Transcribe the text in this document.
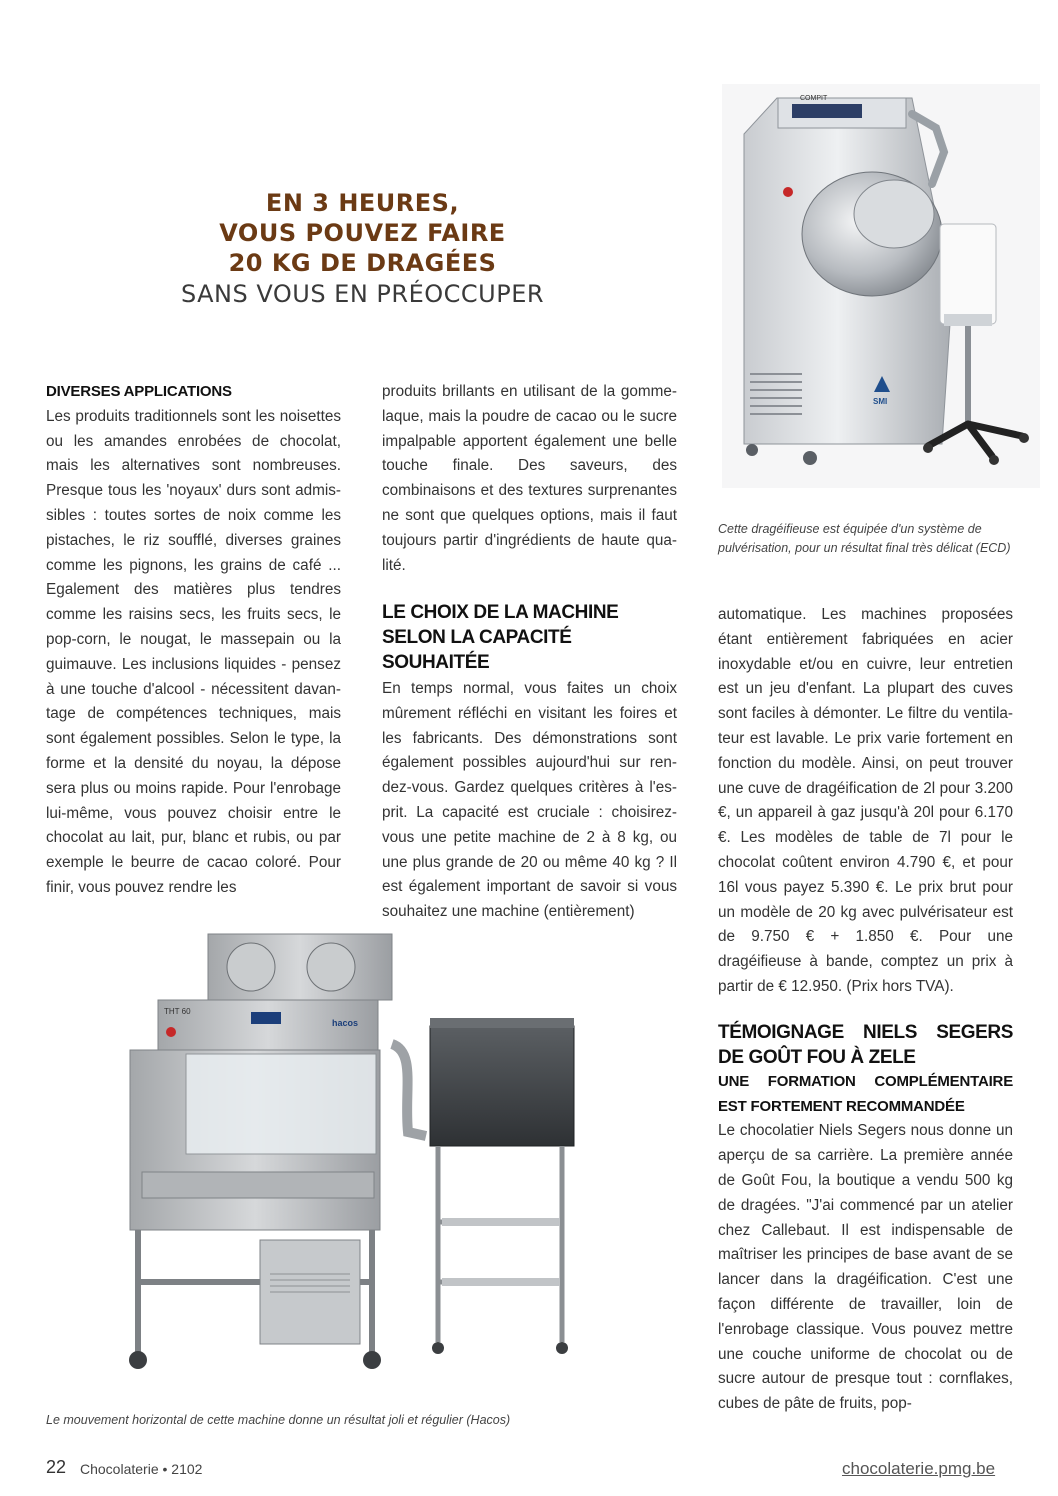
EN 3 HEURES,
VOUS POUVEZ FAIRE
20 KG DE DRAGÉES
SANS VOUS EN PRÉOCCUPER
COMPIT
SMI
Cette dragéifieuse est équipée d'un système de pulvérisation, pour un résultat final très délicat (ECD)
DIVERSES APPLICATIONS

Les produits traditionnels sont les noisettes ou les amandes enrobées de chocolat, mais les alternatives sont nombreuses. Presque tous les 'noyaux' durs sont admissibles : toutes sortes de noix comme les pistaches, le riz soufflé, diverses graines comme les pignons, les grains de café ... Egalement des matières plus tendres comme les raisins secs, les fruits secs, le pop-corn, le nougat, le massepain ou la guimauve. Les inclusions liquides - pensez à une touche d'alcool - nécessitent davantage de compétences techniques, mais sont également possibles. Selon le type, la forme et la densité du noyau, la dépose sera plus ou moins rapide. Pour l'enrobage lui-même, vous pouvez choisir entre le chocolat au lait, pur, blanc et rubis, ou par exemple le beurre de cacao coloré. Pour finir, vous pouvez rendre les

produits brillants en utilisant de la gomme-laque, mais la poudre de cacao ou le sucre impalpable apportent également une belle touche finale. Des saveurs, des combinaisons et des textures surprenantes ne sont que quelques options, mais il faut toujours partir d'ingrédients de haute qualité.

LE CHOIX DE LA MACHINE SELON LA CAPACITÉ SOUHAITÉE

En temps normal, vous faites un choix mûrement réfléchi en visitant les foires et les fabricants. Des démonstrations sont également possibles aujourd'hui sur rendez-vous. Gardez quelques critères à l'esprit. La capacité est cruciale : choisirez-vous une petite machine de 2 à 8 kg, ou une plus grande de 20 ou même 40 kg ? Il est également important de savoir si vous souhaitez une machine (entièrement)

automatique. Les machines proposées étant entièrement fabriquées en acier inoxydable et/ou en cuivre, leur entretien est un jeu d'enfant. La plupart des cuves sont faciles à démonter. Le filtre du ventilateur est lavable. Le prix varie fortement en fonction du modèle. Ainsi, on peut trouver une cuve de dragéification de 2l pour 3.200 €, un appareil à gaz jusqu'à 20l pour 6.170 €. Les modèles de table de 7l pour le chocolat coûtent environ 4.790 €, et pour 16l vous payez 5.390 €. Le prix brut pour un modèle de 20 kg avec pulvérisateur est de 9.750 € + 1.850 €. Pour une dragéifieuse à bande, comptez un prix à partir de € 12.950. (Prix hors TVA).

TÉMOIGNAGE NIELS SEGERS DE GOÛT FOU À ZELE
UNE FORMATION COMPLÉMENTAIRE EST FORTEMENT RECOMMANDÉE

Le chocolatier Niels Segers nous donne un aperçu de sa carrière. La première année de Goût Fou, la boutique a vendu 500 kg de dragées. "J'ai commencé par un atelier chez Callebaut. Il est indispensable de maîtriser les principes de base avant de se lancer dans la dragéification. C'est une façon différente de travailler, loin de l'enrobage classique. Vous pouvez mettre une couche uniforme de chocolat ou de sucre autour de presque tout : cornflakes, cubes de pâte de fruits, pop-

THT 60
hacos
Le mouvement horizontal de cette machine donne un résultat joli et régulier (Hacos)
22 Chocolaterie • 2102	chocolaterie.pmg.be
